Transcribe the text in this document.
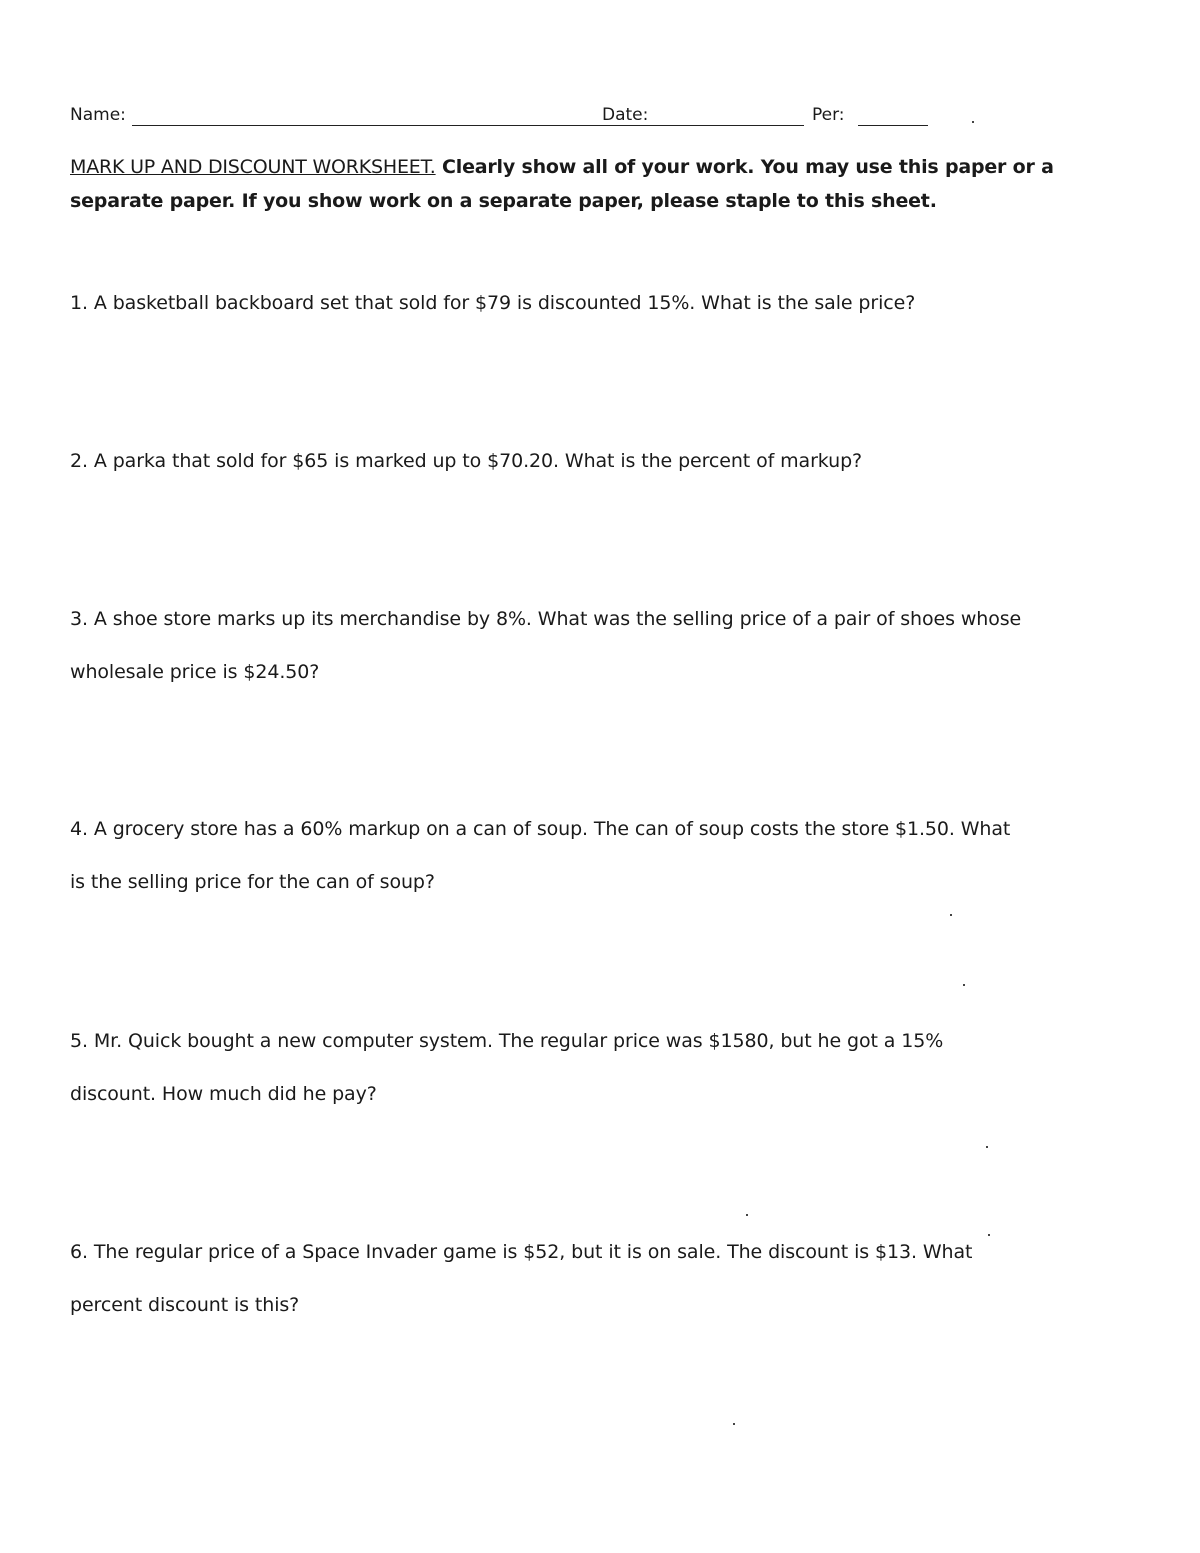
Name:	Date:	Per:
MARK UP AND DISCOUNT WORKSHEET. Clearly show all of your work. You may use this paper or a
separate paper. If you show work on a separate paper, please staple to this sheet.
1. A basketball backboard set that sold for $79 is discounted 15%. What is the sale price?
2. A parka that sold for $65 is marked up to $70.20. What is the percent of markup?
3. A shoe store marks up its merchandise by 8%. What was the selling price of a pair of shoes whose
wholesale price is $24.50?
4. A grocery store has a 60% markup on a can of soup. The can of soup costs the store $1.50. What
is the selling price for the can of soup?
5. Mr. Quick bought a new computer system. The regular price was $1580, but he got a 15%
discount. How much did he pay?
6. The regular price of a Space Invader game is $52, but it is on sale. The discount is $13. What
percent discount is this?
